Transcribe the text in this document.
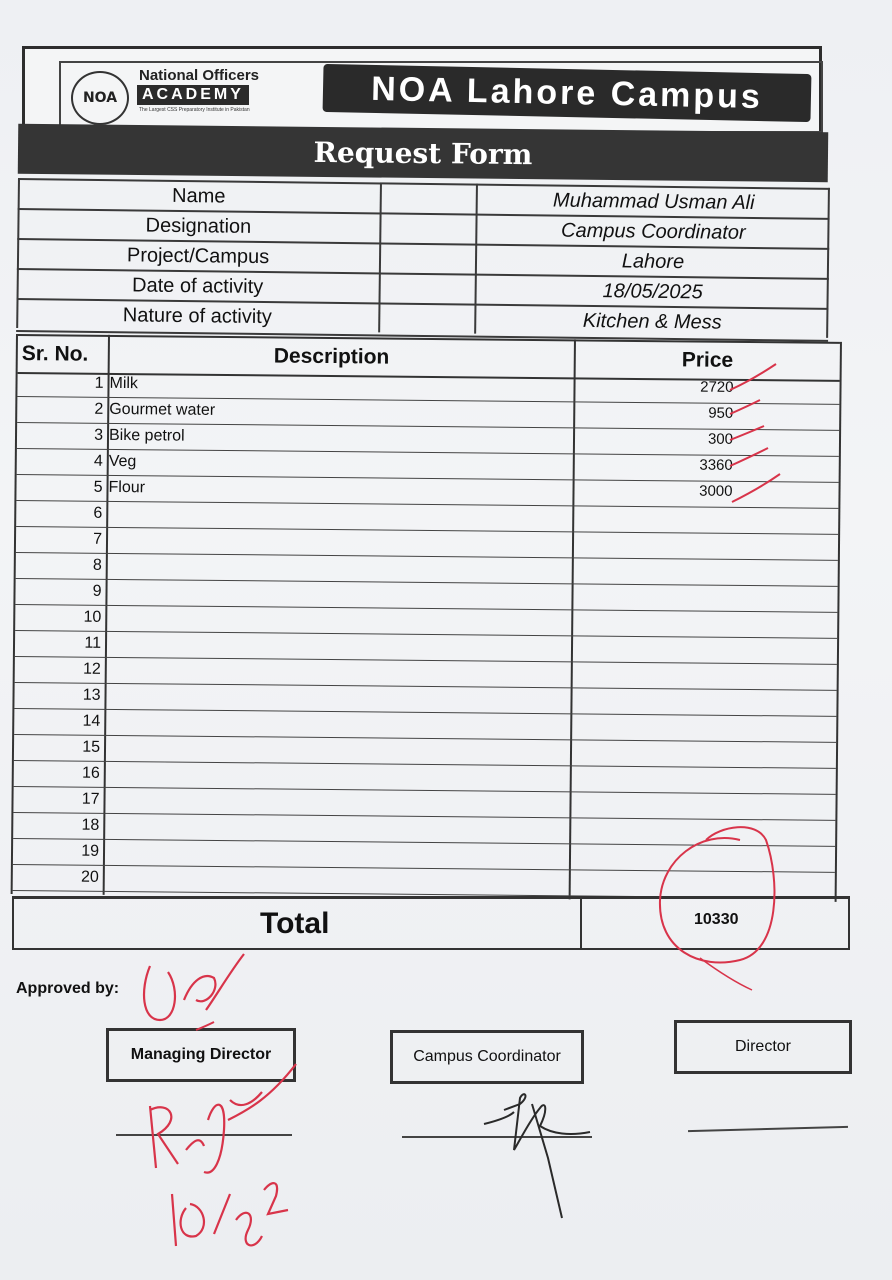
NOA
National Officers
ACADEMY
The Largest CSS Preparatory Institute in Pakistan	NOA Lahore Campus
Request Form
Name	Muhammad Usman Ali
Designation	Campus Coordinator
Project/Campus	Lahore
Date of activity	18/05/2025
Nature of activity	Kitchen & Mess
Sr. No.	Description	Price
1 Milk	2720
2 Gourmet water	950
3 Bike petrol	300
4 Veg	3360
5 Flour	3000
6
7
8
9
10
11
12
13
14
15
16
17
18
19
20
Total	10330
Approved by:
Managing Director	Campus Coordinator
Director
